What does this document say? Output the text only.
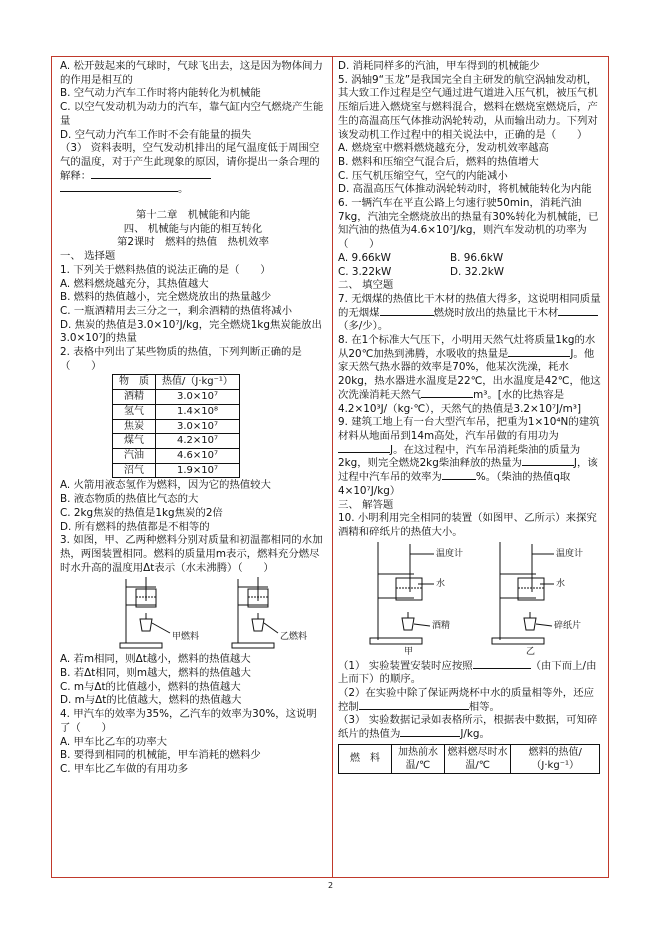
A. 松开鼓起来的气球时，气球飞出去，这是因为物体间力的作用是相互的

B. 空气动力汽车工作时将内能转化为机械能

C. 以空气发动机为动力的汽车，靠气缸内空气燃烧产生能量

D. 空气动力汽车工作时不会有能量的损失

（3） 资料表明，空气发动机排出的尾气温度低于周围空气的温度，对于产生此现象的原因，请你提出一条合理的解释：

。

第十二章　机械能和内能

四、 机械能与内能的相互转化

第2课时　燃料的热值　热机效率

一、 选择题

1. 下列关于燃料热值的说法正确的是（　　）

A. 燃料燃烧越充分，其热值越大

B. 燃料的热值越小，完全燃烧放出的热量越少

C. 一瓶酒精用去三分之一，剩余酒精的热值将减小

D. 焦炭的热值是3.0×10⁷J/kg，完全燃烧1kg焦炭能放出3.0×10⁷J的热量

2. 表格中列出了某些物质的热值，下列判断正确的是（　　）

物　质	热值/（J·kg⁻¹）
酒精	3.0×10⁷
氢气	1.4×10⁸
焦炭	3.0×10⁷
煤气	4.2×10⁷
汽油	4.6×10⁷
沼气	1.9×10⁷

A. 火箭用液态氢作为燃料，因为它的热值较大

B. 液态物质的热值比气态的大

C. 2kg焦炭的热值是1kg焦炭的2倍

D. 所有燃料的热值都是不相等的

3. 如图，甲、乙两种燃料分别对质量和初温都相同的水加热，两图装置相同。燃料的质量用m表示，燃料充分燃尽时水升高的温度用Δt表示（水未沸腾）（　　）

甲燃料	乙燃料

A. 若m相同，则Δt越小，燃料的热值越大

B. 若Δt相同，则m越大，燃料的热值越大

C. m与Δt的比值越小，燃料的热值越大

D. m与Δt的比值越大，燃料的热值越大

4. 甲汽车的效率为35%，乙汽车的效率为30%，这说明了（　　）

A. 甲车比乙车的功率大

B. 要得到相同的机械能，甲车消耗的燃料少

C. 甲车比乙车做的有用功多

D. 消耗同样多的汽油，甲车得到的机械能少

5. 涡轴9“玉龙”是我国完全自主研发的航空涡轴发动机，其大致工作过程是空气通过进气道进入压气机，被压气机压缩后进入燃烧室与燃料混合，燃料在燃烧室燃烧后，产生的高温高压气体推动涡轮转动，从而输出动力。下列对该发动机工作过程中的相关说法中，正确的是（　　）

A. 燃烧室中燃料燃烧越充分，发动机效率越高

B. 燃料和压缩空气混合后，燃料的热值增大

C. 压气机压缩空气，空气的内能减小

D. 高温高压气体推动涡轮转动时，将机械能转化为内能

6. 一辆汽车在平直公路上匀速行驶50min，消耗汽油7kg，汽油完全燃烧放出的热量有30%转化为机械能，已知汽油的热值为4.6×10⁷J/kg，则汽车发动机的功率为（　　）

A. 9.66kW	B. 96.6kW

C. 3.22kW	D. 32.2kW

二、 填空题

7. 无烟煤的热值比干木材的热值大得多，这说明相同质量的无烟煤	燃烧时放出的热量比干木材（多/少）。

8. 在1个标准大气压下，小明用天然气灶将质量1kg的水从20℃加热到沸腾，水吸收的热量是	J。他家天然气热水器的效率是70%，他某次洗澡，耗水20kg，热水器进水温度是22℃，出水温度是42℃，他这次洗澡消耗天然气	m³。[水的比热容是4.2×10³J/（kg·℃），天然气的热值是3.2×10⁷J/m³]

9. 建筑工地上有一台大型汽车吊，把重为1×10⁴N的建筑材料从地面吊到14m高处，汽车吊做的有用功为J。在这过程中，汽车吊消耗柴油的质量为2kg，则完全燃烧2kg柴油释放的热量为	J，该过程中汽车吊的效率为	%。（柴油的热值q取4×10⁷J/kg）

三、 解答题

10. 小明利用完全相同的装置（如图甲、乙所示）来探究酒精和碎纸片的热值大小。

温度计
水
酒精
温度计
水
碎纸片
甲	乙

（1） 实验装置安装时应按照	（由下而上/由上而下）的顺序。

（2）在实验中除了保证两烧杯中水的质量相等外，还应控制	相等。

（3） 实验数据记录如表格所示，根据表中数据，可知碎纸片的热值为	J/kg。

燃　料	加热前水温/℃	燃料燃尽时水温/℃	燃料的热值/（J·kg⁻¹）
2
